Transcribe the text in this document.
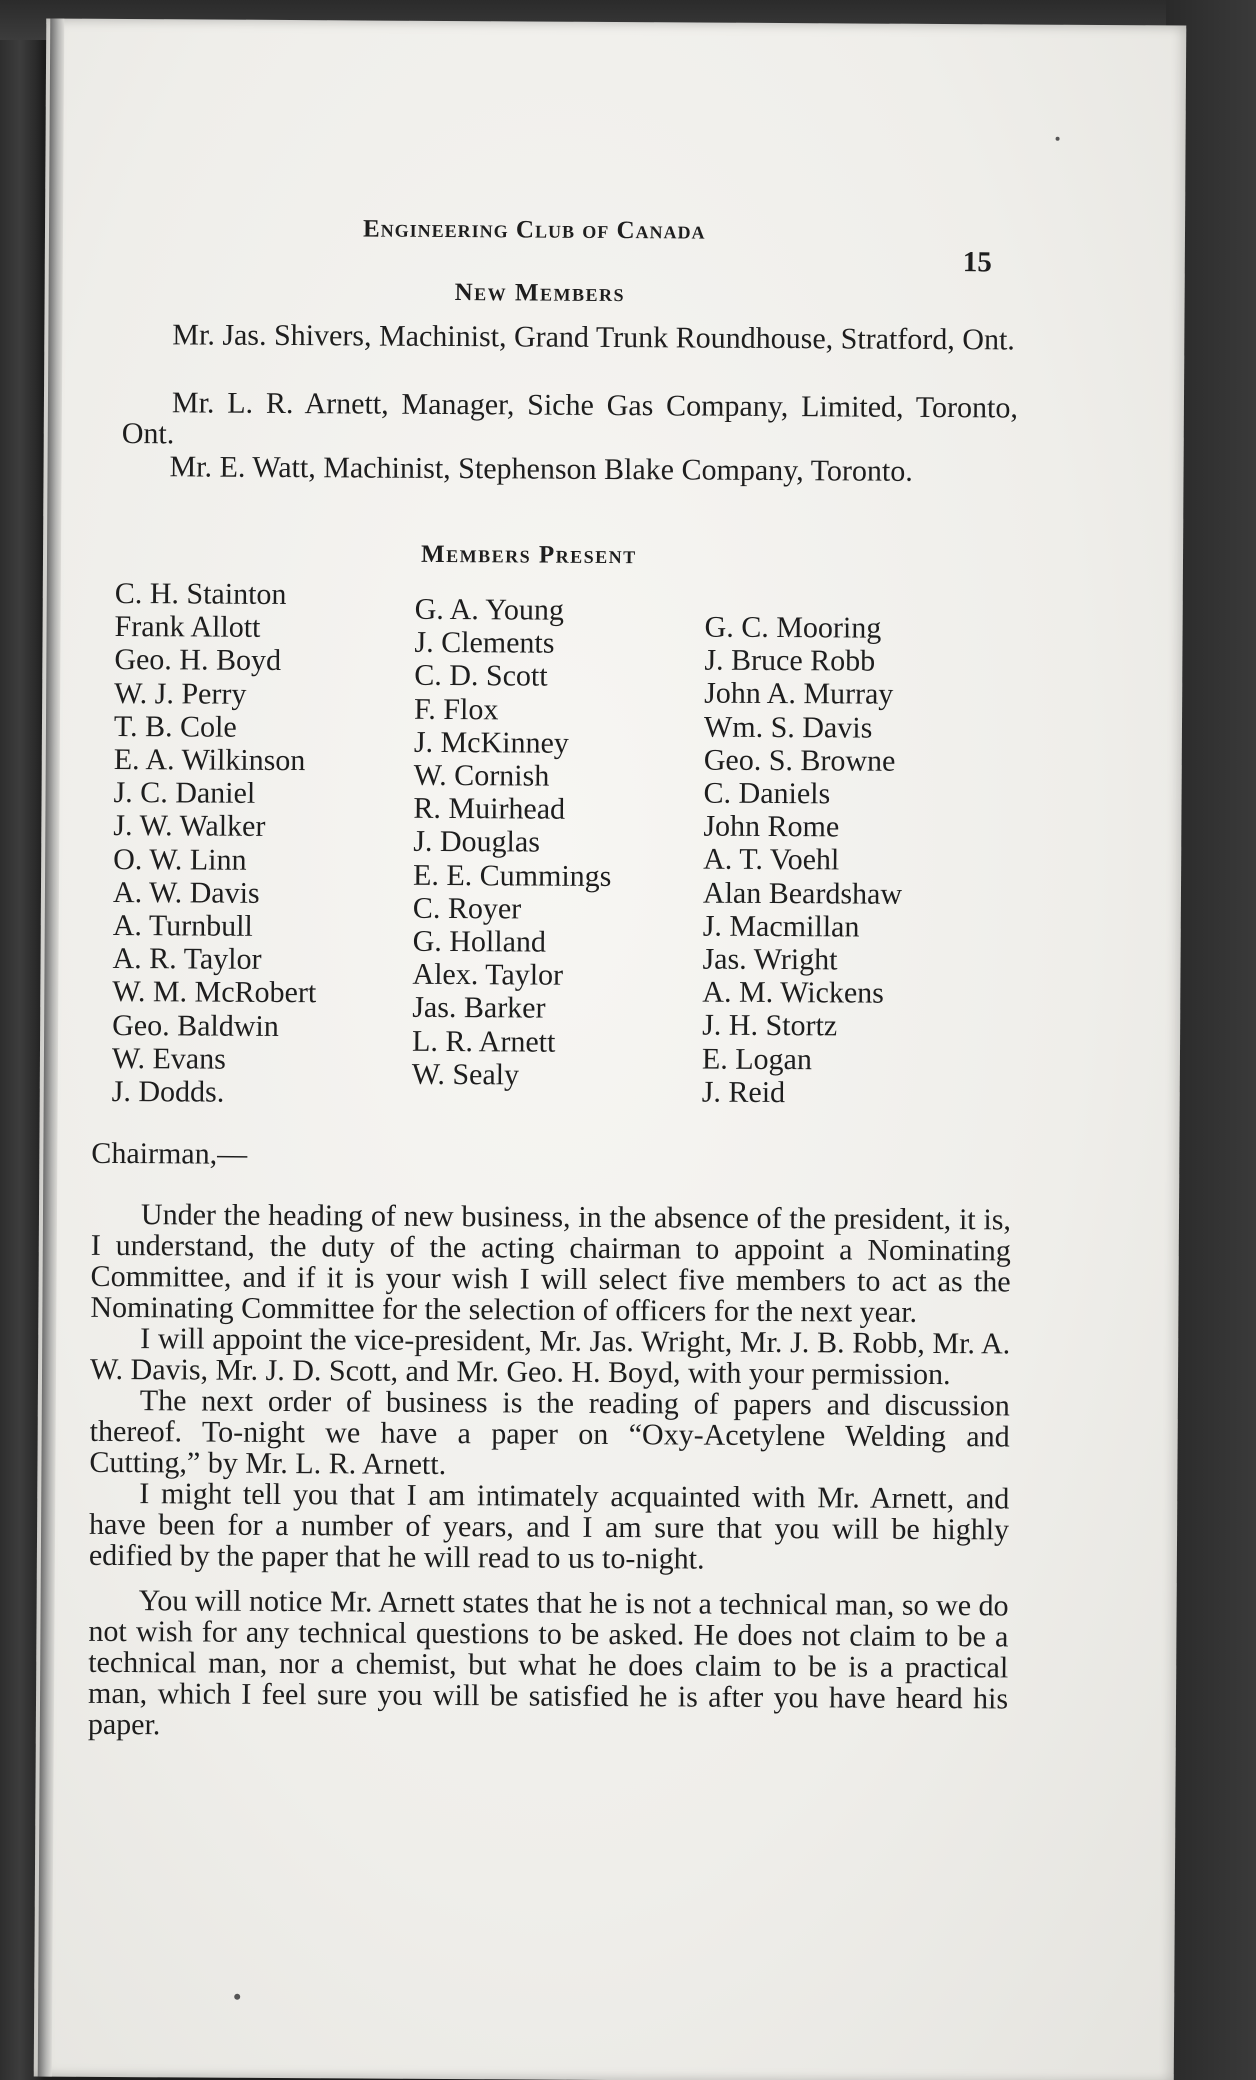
Engineering Club of Canada
15
New Members
Mr. Jas. Shivers, Machinist, Grand Trunk Roundhouse, Stratford, Ont.
Mr. L. R. Arnett, Manager, Siche Gas Company, Limited, Toronto, Ont.
Mr. E. Watt, Machinist, Stephenson Blake Company, Toronto.
Members Present
C. H. Stainton
Frank Allott
Geo. H. Boyd
W. J. Perry
T. B. Cole
E. A. Wilkinson
J. C. Daniel
J. W. Walker
O. W. Linn
A. W. Davis
A. Turnbull
A. R. Taylor
W. M. McRobert
Geo. Baldwin
W. Evans
J. Dodds.
G. A. Young
J. Clements
C. D. Scott
F. Flox
J. McKinney
W. Cornish
R. Muirhead
J. Douglas
E. E. Cummings
C. Royer
G. Holland
Alex. Taylor
Jas. Barker
L. R. Arnett
W. Sealy
G. C. Mooring
J. Bruce Robb
John A. Murray
Wm. S. Davis
Geo. S. Browne
C. Daniels
John Rome
A. T. Voehl
Alan Beardshaw
J. Macmillan
Jas. Wright
A. M. Wickens
J. H. Stortz
E. Logan
J. Reid
Chairman,—

Under the heading of new business, in the absence of the president, it is, I understand, the duty of the acting chairman to appoint a Nominating Committee, and if it is your wish I will select five members to act as the Nominating Committee for the selection of officers for the next year.

I will appoint the vice-president, Mr. Jas. Wright, Mr. J. B. Robb, Mr. A. W. Davis, Mr. J. D. Scott, and Mr. Geo. H. Boyd, with your permission.

The next order of business is the reading of papers and discussion thereof. To-night we have a paper on “Oxy-Acetylene Welding and Cutting,” by Mr. L. R. Arnett.

I might tell you that I am intimately acquainted with Mr. Arnett, and have been for a number of years, and I am sure that you will be highly edified by the paper that he will read to us to-night.

You will notice Mr. Arnett states that he is not a technical man, so we do not wish for any technical questions to be asked. He does not claim to be a technical man, nor a chemist, but what he does claim to be is a practical man, which I feel sure you will be satisfied he is after you have heard his paper.
